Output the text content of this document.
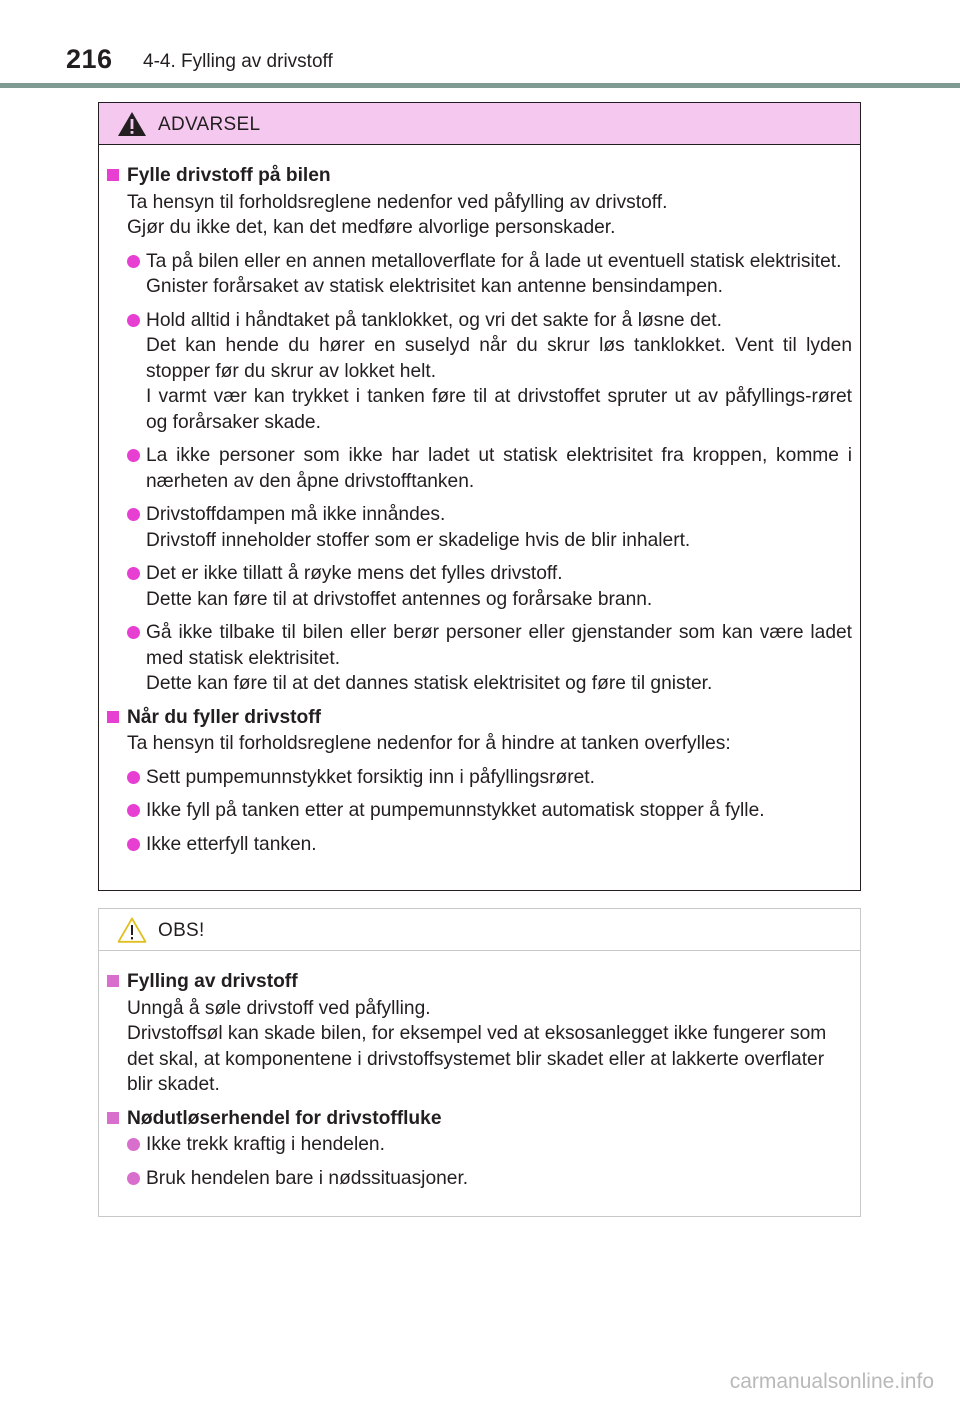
216 4-4. Fylling av drivstoff
ADVARSEL
Fylle drivstoff på bilen
Ta hensyn til forholdsreglene nedenfor ved påfylling av drivstoff.
Gjør du ikke det, kan det medføre alvorlige personskader.
Ta på bilen eller en annen metalloverflate for å lade ut eventuell statisk elektrisitet.
Gnister forårsaket av statisk elektrisitet kan antenne bensindampen.
Hold alltid i håndtaket på tanklokket, og vri det sakte for å løsne det.
Det kan hende du hører en suselyd når du skrur løs tanklokket. Vent til lyden stopper før du skrur av lokket helt.
I varmt vær kan trykket i tanken føre til at drivstoffet spruter ut av påfyllings-røret og forårsaker skade.
La ikke personer som ikke har ladet ut statisk elektrisitet fra kroppen, komme i nærheten av den åpne drivstofftanken.
Drivstoffdampen må ikke innåndes.
Drivstoff inneholder stoffer som er skadelige hvis de blir inhalert.
Det er ikke tillatt å røyke mens det fylles drivstoff.
Dette kan føre til at drivstoffet antennes og forårsake brann.
Gå ikke tilbake til bilen eller berør personer eller gjenstander som kan være ladet med statisk elektrisitet.
Dette kan føre til at det dannes statisk elektrisitet og føre til gnister.
Når du fyller drivstoff
Ta hensyn til forholdsreglene nedenfor for å hindre at tanken overfylles:
Sett pumpemunnstykket forsiktig inn i påfyllingsrøret.
Ikke fyll på tanken etter at pumpemunnstykket automatisk stopper å fylle.
Ikke etterfyll tanken.
OBS!
Fylling av drivstoff
Unngå å søle drivstoff ved påfylling.
Drivstoffsøl kan skade bilen, for eksempel ved at eksosanlegget ikke fungerer som det skal, at komponentene i drivstoffsystemet blir skadet eller at lakkerte overflater blir skadet.
Nødutløserhendel for drivstoffluke
Ikke trekk kraftig i hendelen.
Bruk hendelen bare i nødssituasjoner.
carmanualsonline.info
